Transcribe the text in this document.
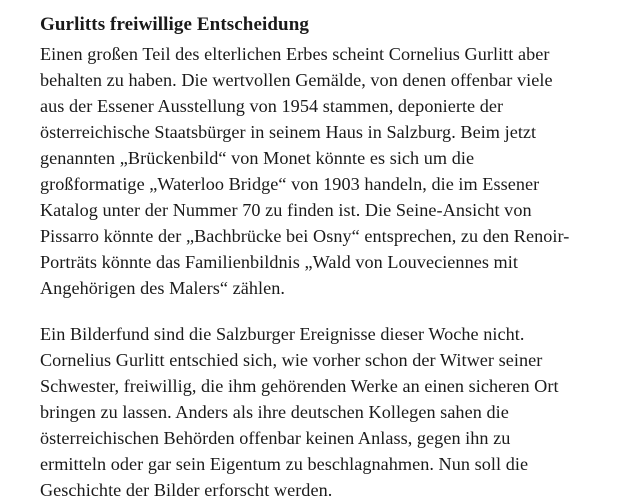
Gurlitts freiwillige Entscheidung

Einen großen Teil des elterlichen Erbes scheint Cornelius Gurlitt aber
behalten zu haben. Die wertvollen Gemälde, von denen offenbar viele
aus der Essener Ausstellung von 1954 stammen, deponierte der
österreichische Staatsbürger in seinem Haus in Salzburg. Beim jetzt
genannten „Brückenbild“ von Monet könnte es sich um die
großformatige „Waterloo Bridge“ von 1903 handeln, die im Essener
Katalog unter der Nummer 70 zu finden ist. Die Seine-Ansicht von
Pissarro könnte der „Bachbrücke bei Osny“ entsprechen, zu den Renoir-
Porträts könnte das Familienbildnis „Wald von Louveciennes mit
Angehörigen des Malers“ zählen.

Ein Bilderfund sind die Salzburger Ereignisse dieser Woche nicht.
Cornelius Gurlitt entschied sich, wie vorher schon der Witwer seiner
Schwester, freiwillig, die ihm gehörenden Werke an einen sicheren Ort
bringen zu lassen. Anders als ihre deutschen Kollegen sahen die
österreichischen Behörden offenbar keinen Anlass, gegen ihn zu
ermitteln oder gar sein Eigentum zu beschlagnahmen. Nun soll die
Geschichte der Bilder erforscht werden.
